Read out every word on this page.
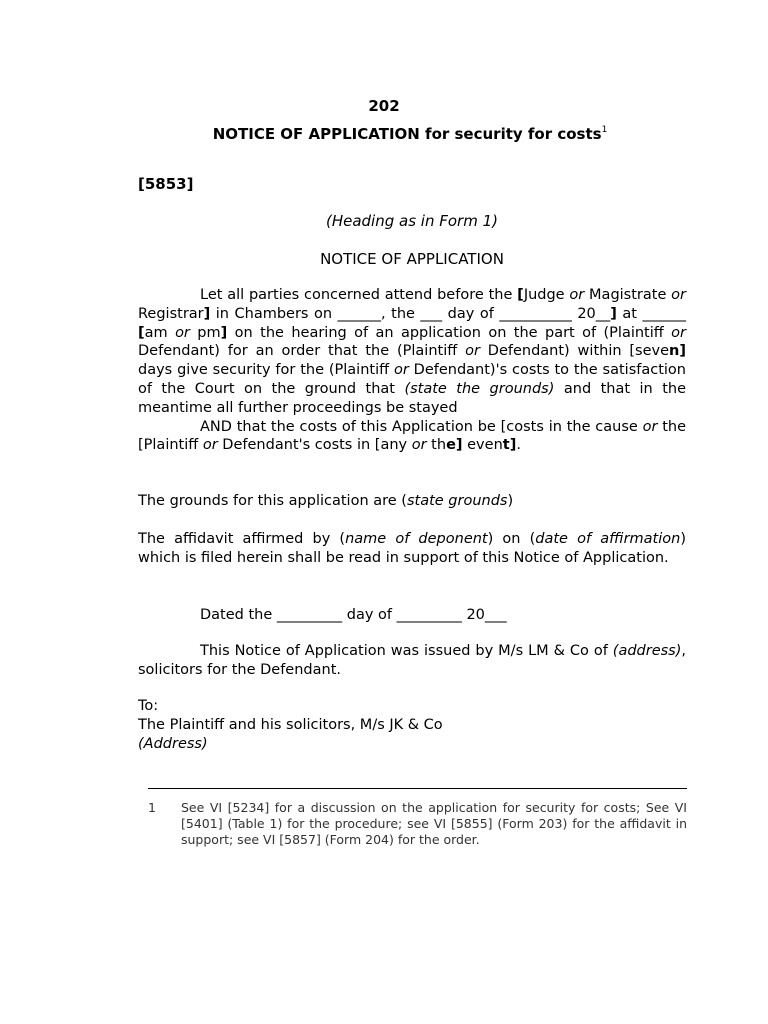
202
NOTICE OF APPLICATION for security for costs$^1$
[5853]
(Heading as in Form 1)
NOTICE OF APPLICATION

Let all parties concerned attend before the [Judge or Magistrate or Registrar] in Chambers on ______, the ___ day of __________ 20__] at ______ [am or pm] on the hearing of an application on the part of (Plaintiff or Defendant) for an order that the (Plaintiff or Defendant) within [seven] days give security for the (Plaintiff or Defendant)'s costs to the satisfaction of the Court on the ground that (state the grounds) and that in the meantime all further proceedings be stayed

AND that the costs of this Application be [costs in the cause or the [Plaintiff or Defendant's costs in [any or the] event].

The grounds for this application are (state grounds)
The affidavit affirmed by (name of deponent) on (date of affirmation) which is filed herein shall be read in support of this Notice of Application.
Dated the _________ day of _________ 20___
This Notice of Application was issued by M/s LM & Co of (address), solicitors for the Defendant.
To:
The Plaintiff and his solicitors, M/s JK & Co
(Address)
1 See VI [5234] for a discussion on the application for security for costs; See VI [5401] (Table 1) for the procedure; see VI [5855] (Form 203) for the affidavit in support; see VI [5857] (Form 204) for the order.
